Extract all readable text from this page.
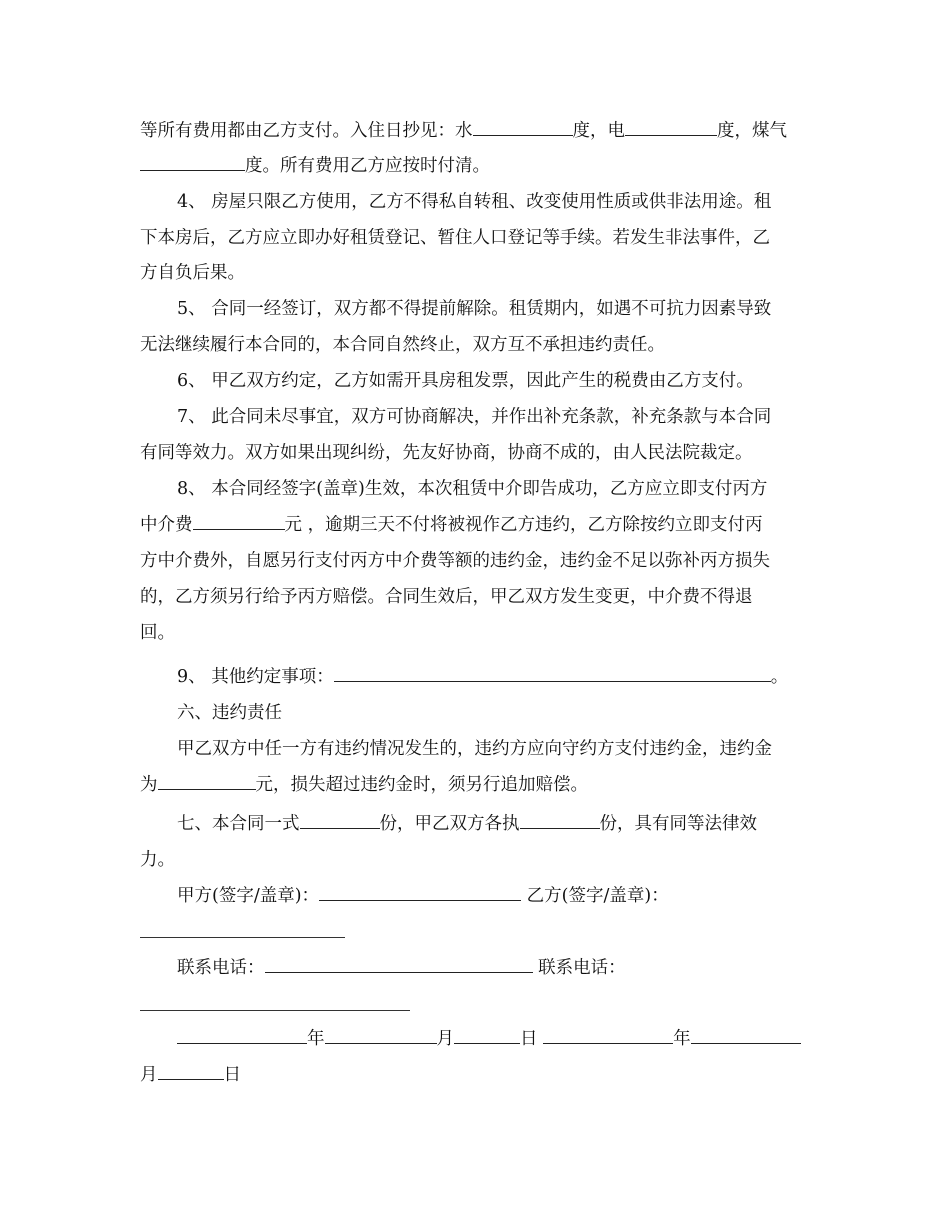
等所有费用都由乙方支付。入住日抄见：水	度，电	度，煤气
度。所有费用乙方应按时付清。
4、 房屋只限乙方使用，乙方不得私自转租、改变使用性质或供非法用途。租
下本房后，乙方应立即办好租赁登记、暂住人口登记等手续。若发生非法事件，乙
方自负后果。
5、 合同一经签订，双方都不得提前解除。租赁期内，如遇不可抗力因素导致
无法继续履行本合同的，本合同自然终止，双方互不承担违约责任。
6、 甲乙双方约定，乙方如需开具房租发票，因此产生的税费由乙方支付。
7、 此合同未尽事宜，双方可协商解决，并作出补充条款，补充条款与本合同
有同等效力。双方如果出现纠纷，先友好协商，协商不成的，由人民法院裁定。
8、 本合同经签字(盖章)生效，本次租赁中介即告成功，乙方应立即支付丙方
中介费	元 ，逾期三天不付将被视作乙方违约，乙方除按约立即支付丙
方中介费外，自愿另行支付丙方中介费等额的违约金，违约金不足以弥补丙方损失
的，乙方须另行给予丙方赔偿。合同生效后，甲乙双方发生变更，中介费不得退
回。
9、 其他约定事项：	。
六、违约责任
甲乙双方中任一方有违约情况发生的，违约方应向守约方支付违约金，违约金
为	元，损失超过违约金时，须另行追加赔偿。
七、本合同一式	份，甲乙双方各执	份，具有同等法律效
力。
甲方(签字/盖章)：	乙方(签字/盖章)：
联系电话：	联系电话：
年	月	日	年
月	日
